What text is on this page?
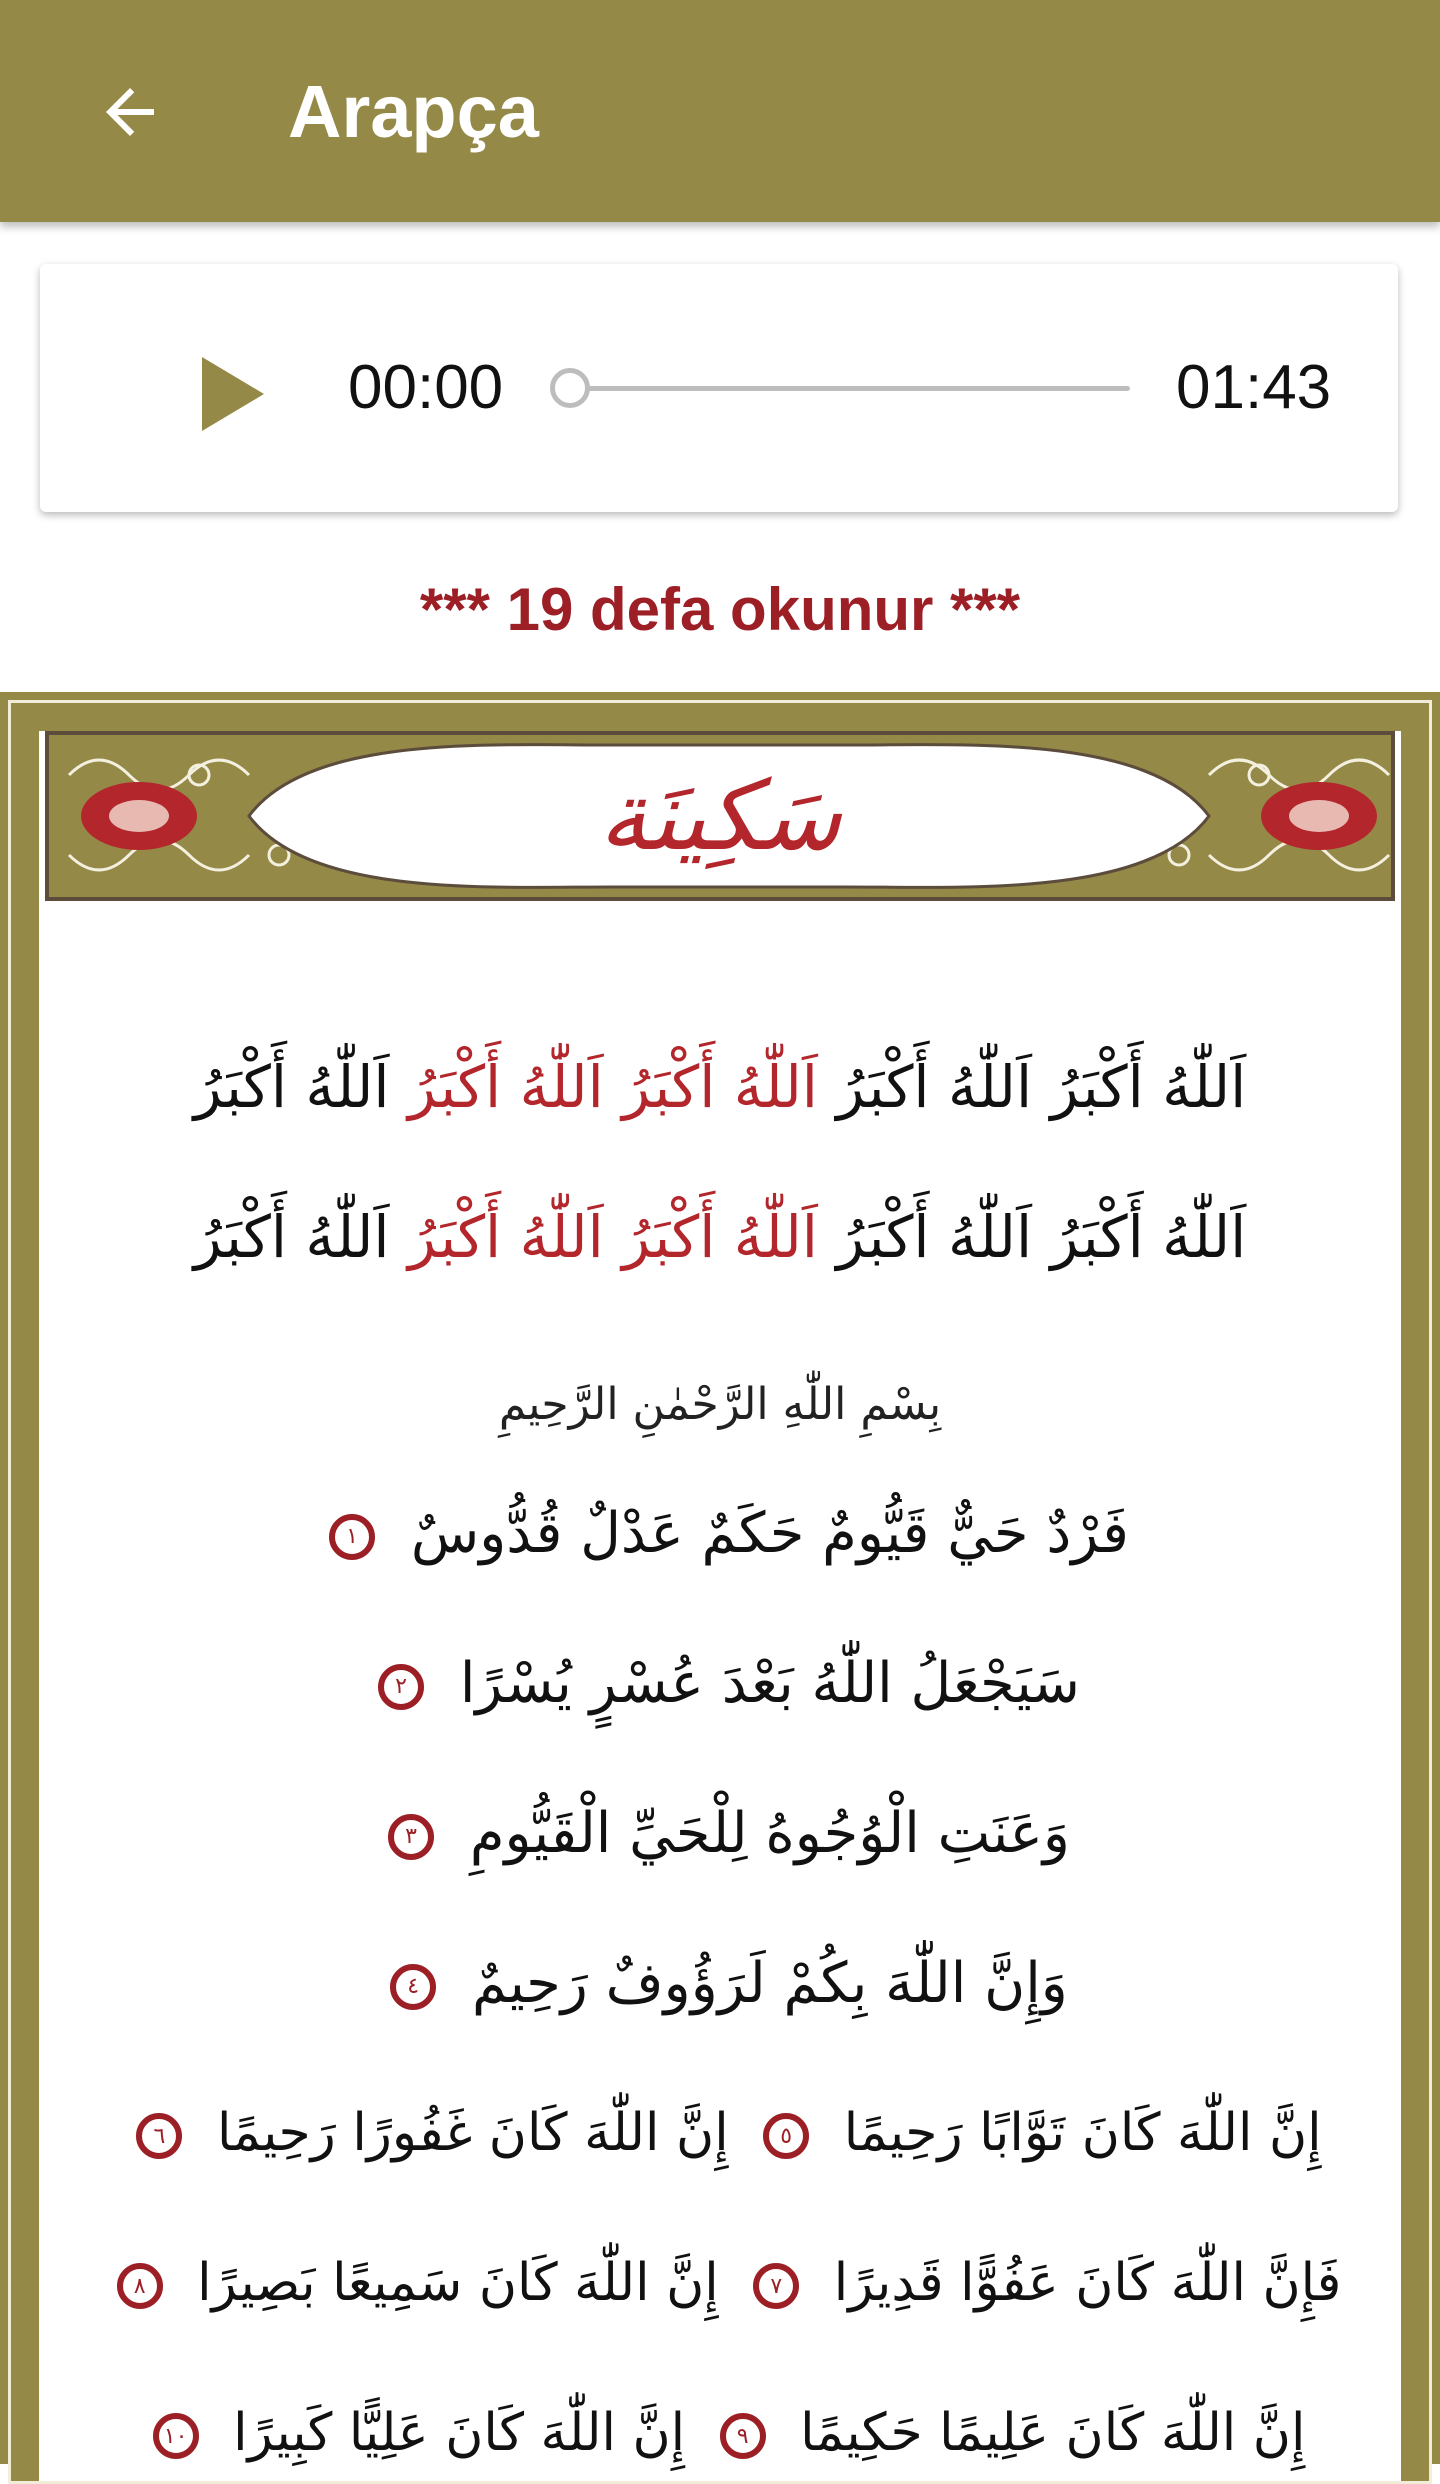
Arapça
00:00	01:43
*** 19 defa okunur ***
سَكِينَة
اَللّٰهُ أَكْبَرُ اَللّٰهُ أَكْبَرُ اَللّٰهُ أَكْبَرُ اَللّٰهُ أَكْبَرُ اَللّٰهُ أَكْبَرُ
اَللّٰهُ أَكْبَرُ اَللّٰهُ أَكْبَرُ اَللّٰهُ أَكْبَرُ اَللّٰهُ أَكْبَرُ اَللّٰهُ أَكْبَرُ
بِسْمِ اللّٰهِ الرَّحْمٰنِ الرَّحِيمِ
فَرْدٌ حَيٌّ قَيُّومٌ حَكَمٌ عَدْلٌ قُدُّوسٌ ١
سَيَجْعَلُ اللّٰهُ بَعْدَ عُسْرٍ يُسْرًا ٢
وَعَنَتِ الْوُجُوهُ لِلْحَيِّ الْقَيُّومِ ٣
وَإِنَّ اللّٰهَ بِكُمْ لَرَؤُوفٌ رَحِيمٌ ٤
إِنَّ اللّٰهَ كَانَ تَوَّابًا رَحِيمًا ٥ إِنَّ اللّٰهَ كَانَ غَفُورًا رَحِيمًا ٦
فَإِنَّ اللّٰهَ كَانَ عَفُوًّا قَدِيرًا ٧ إِنَّ اللّٰهَ كَانَ سَمِيعًا بَصِيرًا ٨
إِنَّ اللّٰهَ كَانَ عَلِيمًا حَكِيمًا ٩ إِنَّ اللّٰهَ كَانَ عَلِيًّا كَبِيرًا ١٠
